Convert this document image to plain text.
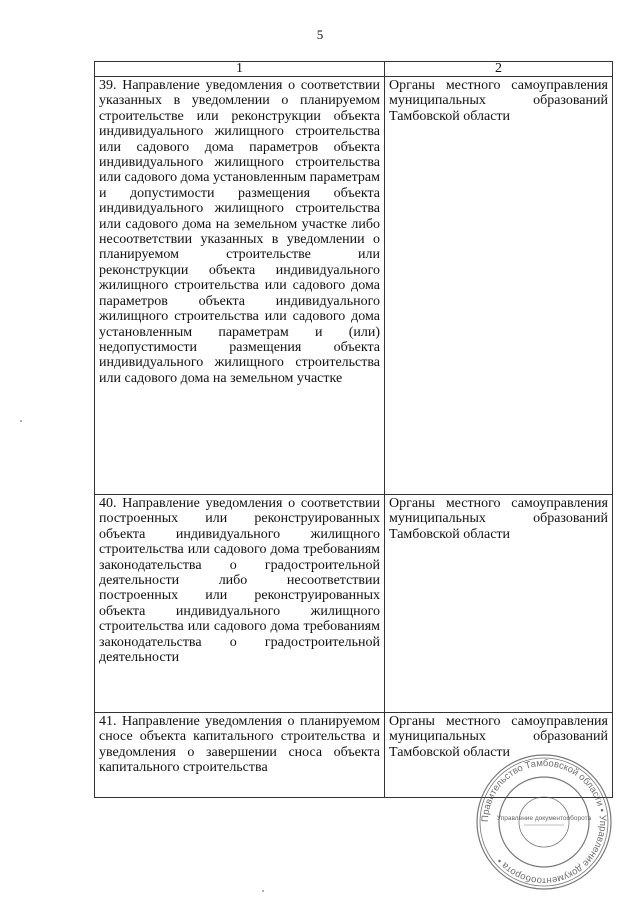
5
1	2
39. Направление уведомления о соответствии указанных в уведомлении о планируемом строительстве или реконструкции объекта индивидуального жилищного строительства или садового дома параметров объекта индивидуального жилищного строительства или садового дома установленным параметрам и допустимости размещения объекта индивидуального жилищного строительства или садового дома на земельном участке либо несоответствии указанных в уведомлении о планируемом строительстве или реконструкции объекта индивидуального жилищного строительства или садового дома параметров объекта индивидуального жилищного строительства или садового дома установленным параметрам и (или) недопустимости размещения объекта индивидуального жилищного строительства или садового дома на земельном участке	Органы местного самоуправления муниципальных образований Тамбовской области
40. Направление уведомления о соответствии построенных или реконструированных объекта индивидуального жилищного строительства или садового дома требованиям законодательства о градостроительной деятельности либо несоответствии построенных или реконструированных объекта индивидуального жилищного строительства или садового дома требованиям законодательства о градостроительной деятельности	Органы местного самоуправления муниципальных образований Тамбовской области
41. Направление уведомления о планируемом сносе объекта капитального строительства и уведомления о завершении сноса объекта капитального строительства	Органы местного самоуправления муниципальных образований Тамбовской области
Правительство Тамбовской области • Управление документооборота •
Управление документооборота
